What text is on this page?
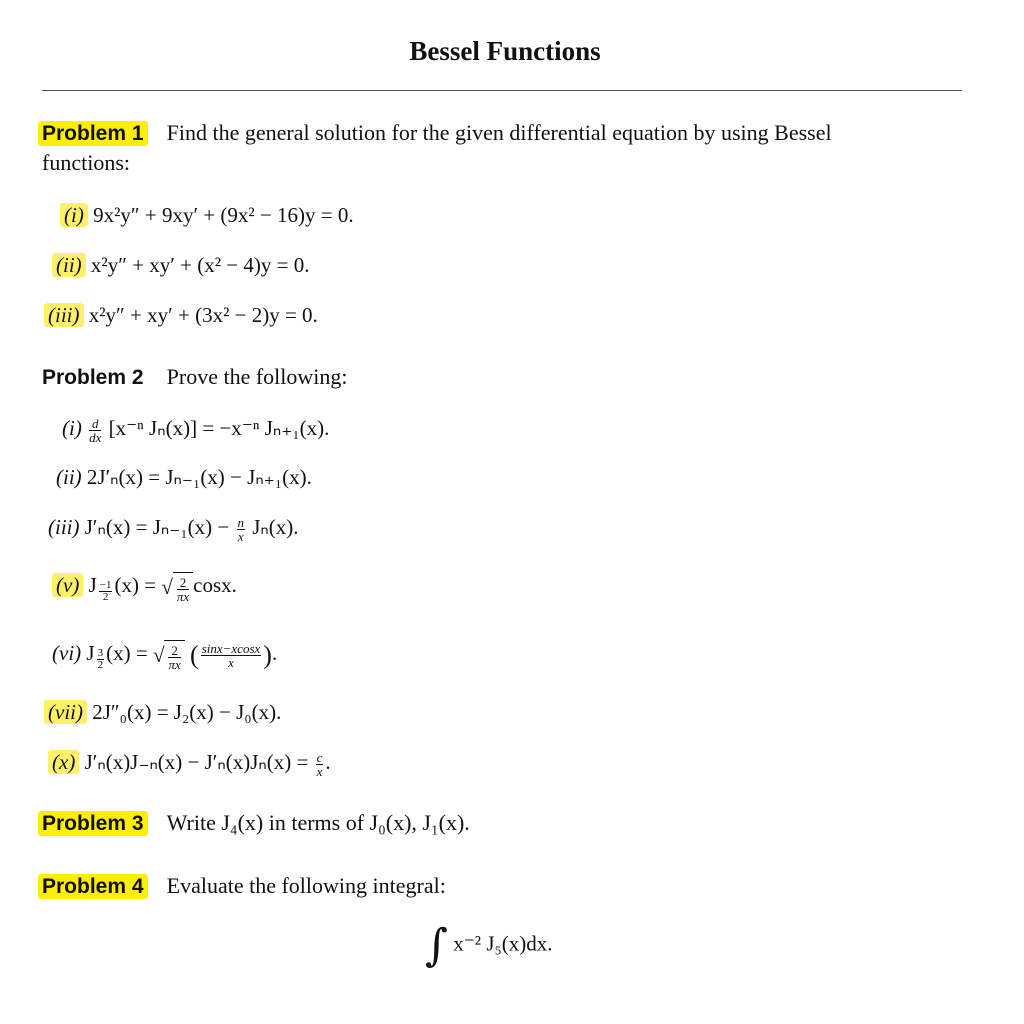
Bessel Functions
Problem 1 Find the general solution for the given differential equation by using Bessel
functions:
(i) 9x²y″ + 9xy′ + (9x² − 16)y = 0.
(ii) x²y″ + xy′ + (x² − 4)y = 0.
(iii) x²y″ + xy′ + (3x² − 2)y = 0.
Problem 2 Prove the following:
$(i) \frac{d}{dx} [x^{-n}$ Jₙ(x)] = −x⁻ⁿ Jₙ₊₁(x).
(ii) 2J′ₙ(x) = Jₙ₋₁(x) − Jₙ₊₁(x).
(iii) $J'_n(x) = J_{n-1}(x) - \frac{n}{x} J_n(x)$.
(v) J $\frac{-1}{2} (x)$ = √ $\frac{2}{\pi x} \cos x$.
(vi) J $\frac{3}{2} (x)$ = √ $\frac{2}{\pi x}$ ( $\frac{\sin x-xcosx}{x}$ ).
(vii) 2J″₀(x) = J₂(x) − J₀(x).
(x) $J'_n(x)J_{-n}(x) - J'_n(x)J_n(x) = \frac{c}{x}$ .
Problem 3 Write J₄(x) in terms of J₀(x), J₁(x).
Problem 4 Evaluate the following integral:
∫ x⁻² J₅(x)dx.
